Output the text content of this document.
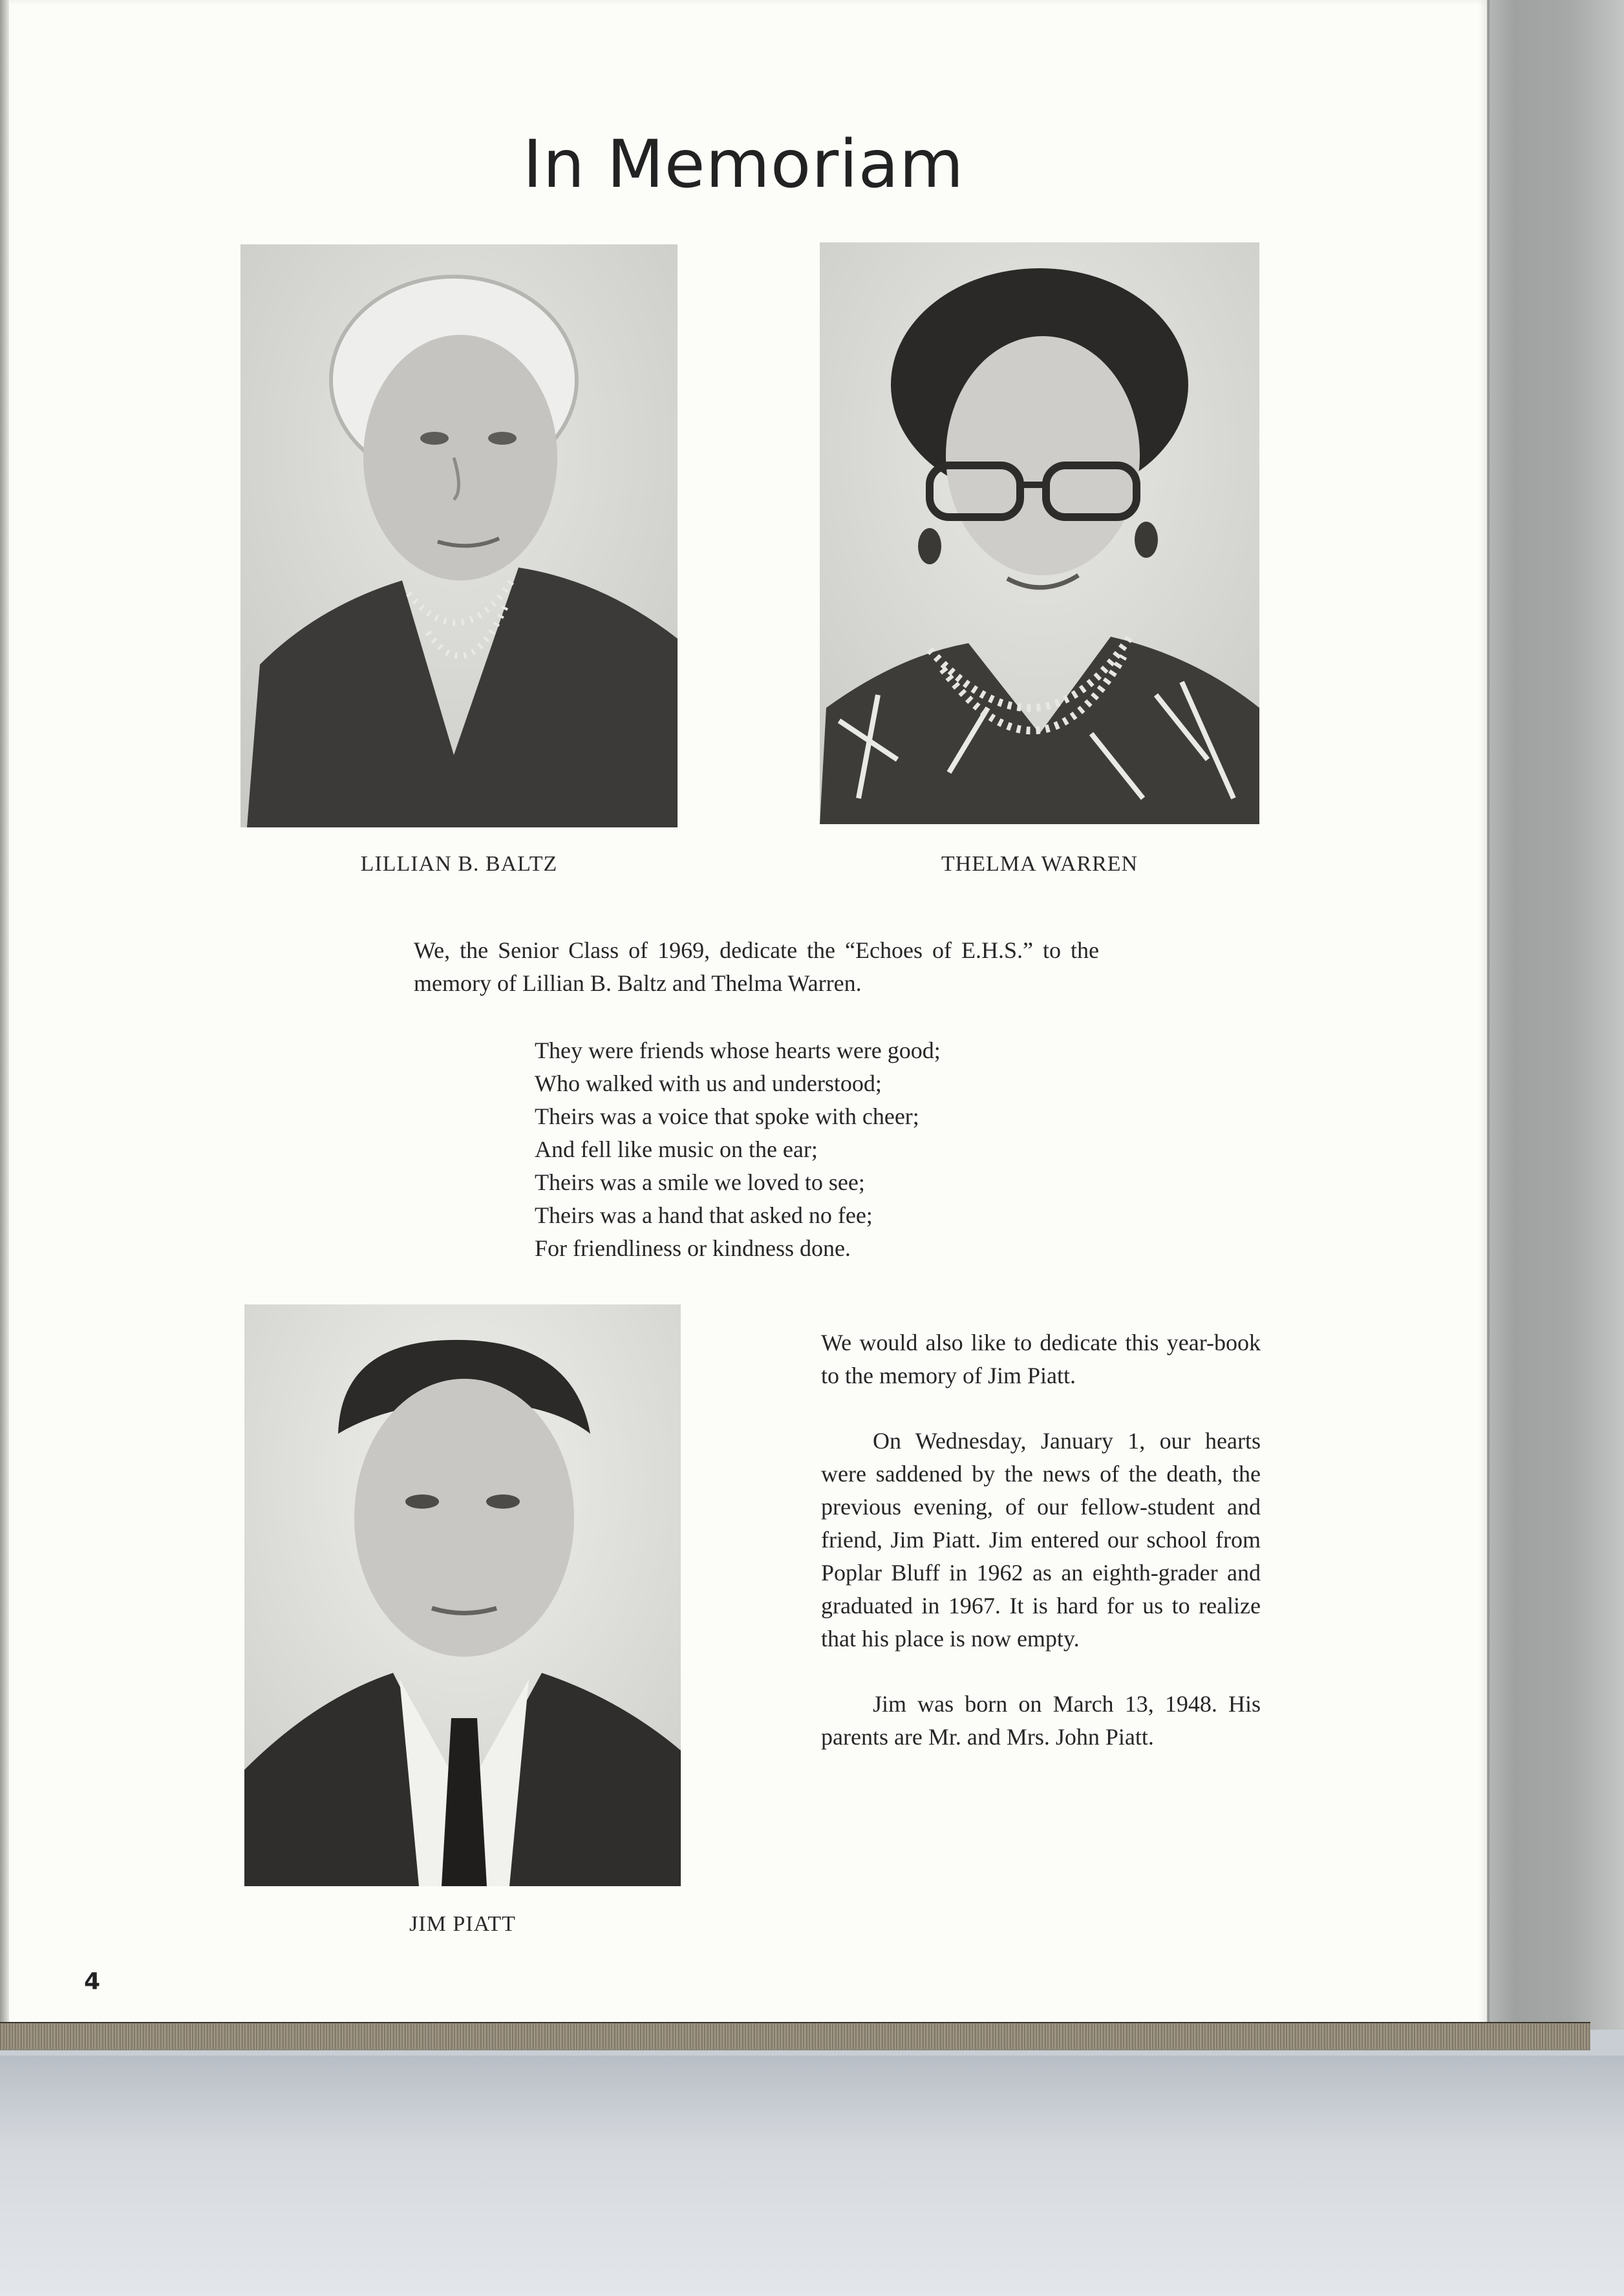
In Memoriam
LILLIAN B. BALTZ	THELMA WARREN
We, the Senior Class of 1969, dedicate the “Echoes of E.H.S.” to the memory of Lillian B. Baltz and Thelma Warren.
They were friends whose hearts were good;
Who walked with us and understood;
Theirs was a voice that spoke with cheer;
And fell like music on the ear;
Theirs was a smile we loved to see;
Theirs was a hand that asked no fee;
For friendliness or kindness done.
JIM PIATT

We would also like to dedicate this year-book to the memory of Jim Piatt.

On Wednesday, January 1, our hearts were saddened by the news of the death, the previous evening, of our fellow-student and friend, Jim Piatt. Jim entered our school from Poplar Bluff in 1962 as an eighth-grader and graduated in 1967. It is hard for us to realize that his place is now empty.

Jim was born on March 13, 1948. His parents are Mr. and Mrs. John Piatt.

4
